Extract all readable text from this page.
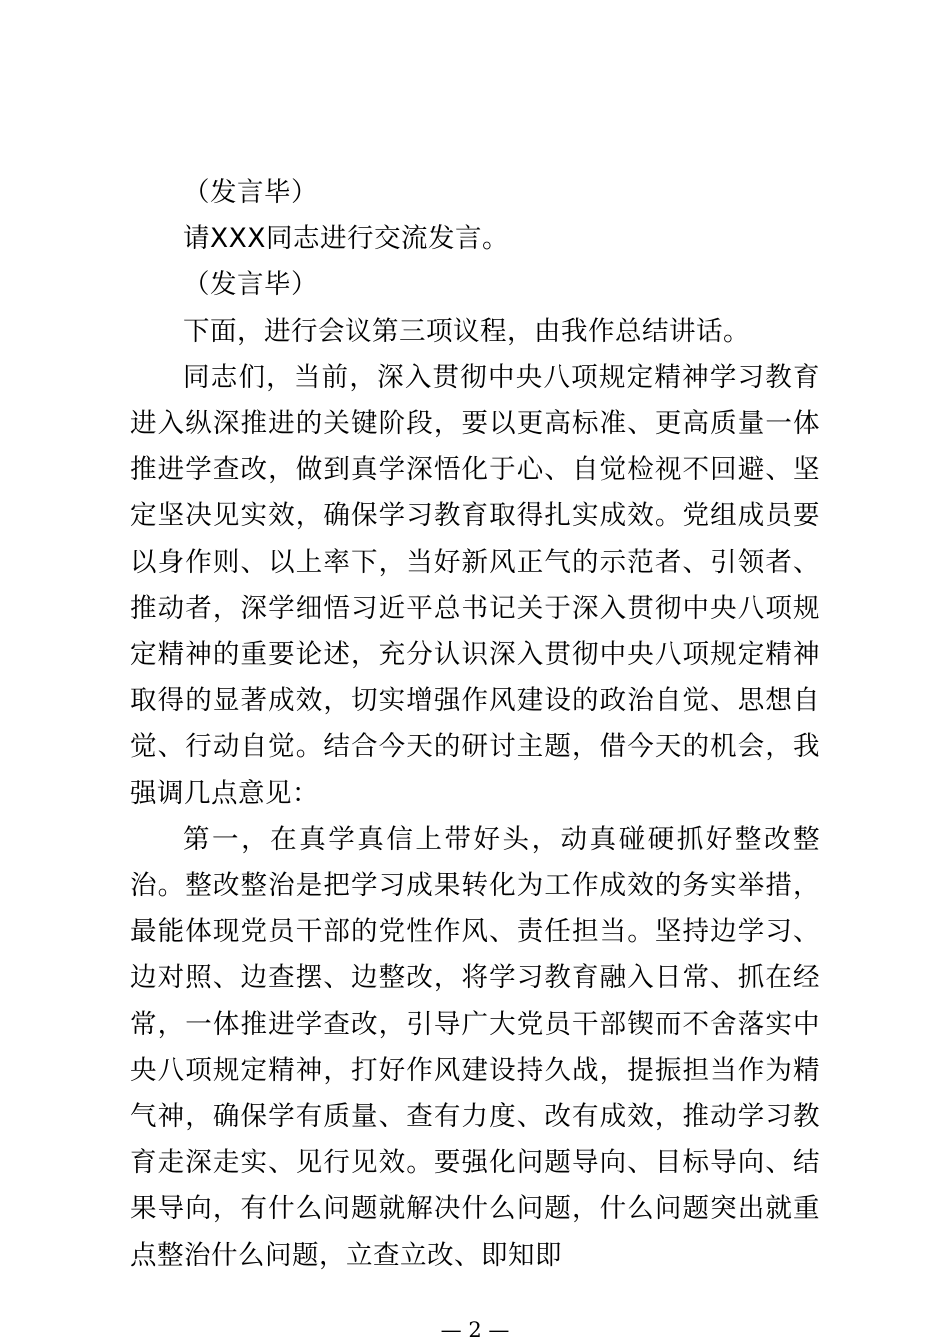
（发言毕）

请XXX同志进行交流发言。

（发言毕）

下面，进行会议第三项议程，由我作总结讲话。

同志们，当前，深入贯彻中央八项规定精神学习教育进入纵深推进的关键阶段，要以更高标准、更高质量一体推进学查改，做到真学深悟化于心、自觉检视不回避、坚定坚决见实效，确保学习教育取得扎实成效。党组成员要以身作则、以上率下，当好新风正气的示范者、引领者、推动者，深学细悟习近平总书记关于深入贯彻中央八项规定精神的重要论述，充分认识深入贯彻中央八项规定精神取得的显著成效，切实增强作风建设的政治自觉、思想自觉、行动自觉。结合今天的研讨主题，借今天的机会，我强调几点意见：

第一，在真学真信上带好头，动真碰硬抓好整改整治。整改整治是把学习成果转化为工作成效的务实举措，最能体现党员干部的党性作风、责任担当。坚持边学习、边对照、边查摆、边整改，将学习教育融入日常、抓在经常，一体推进学查改，引导广大党员干部锲而不舍落实中央八项规定精神，打好作风建设持久战，提振担当作为精气神，确保学有质量、查有力度、改有成效，推动学习教育走深走实、见行见效。要强化问题导向、目标导向、结果导向，有什么问题就解决什么问题，什么问题突出就重点整治什么问题，立查立改、即知即

— 2 —
